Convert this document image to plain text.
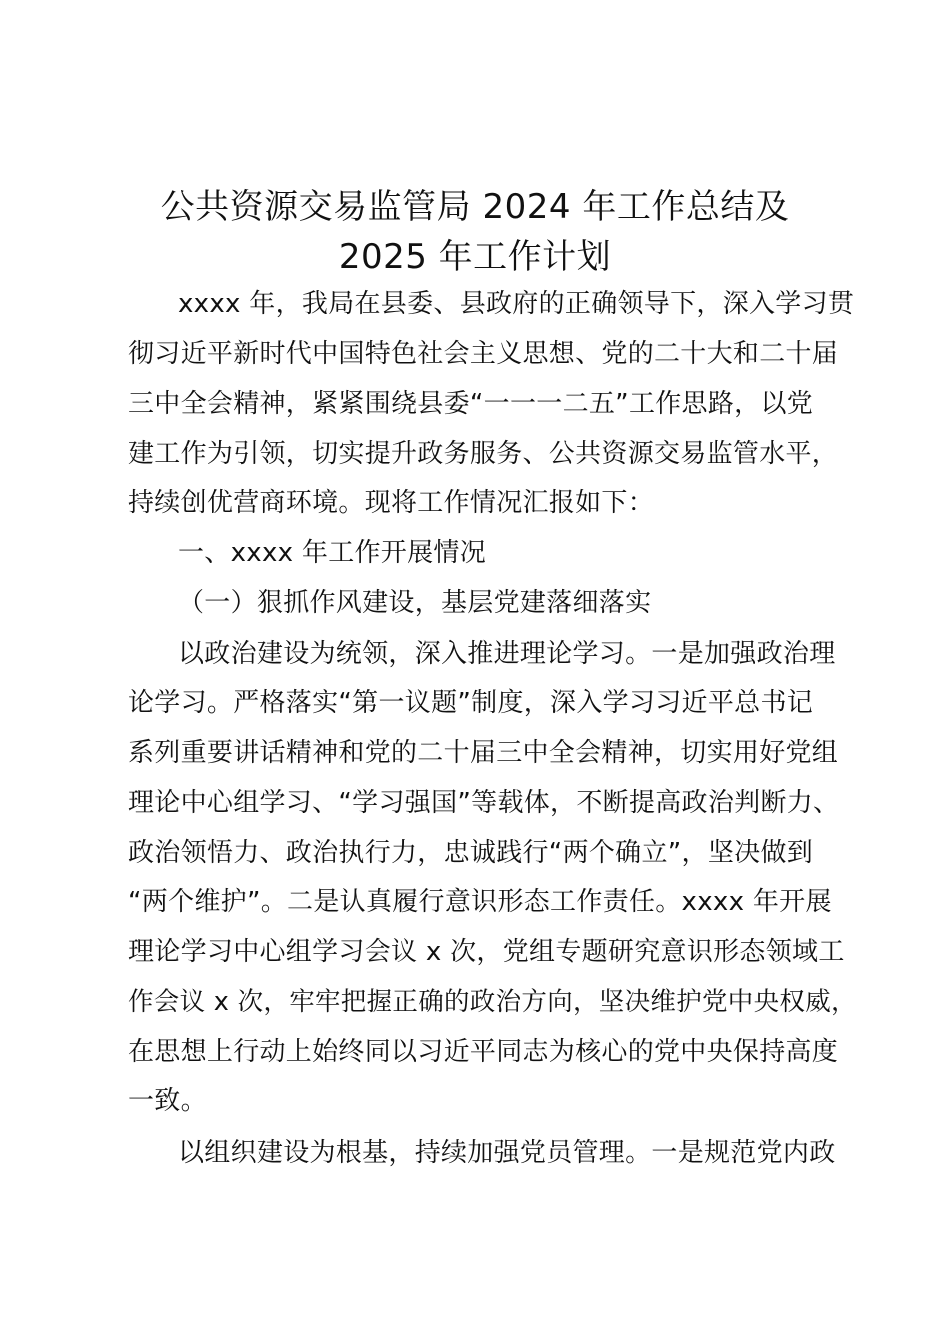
公共资源交易监管局 2024 年工作总结及
2025 年工作计划
xxxx 年，我局在县委、县政府的正确领导下，深入学习贯
彻习近平新时代中国特色社会主义思想、党的二十大和二十届
三中全会精神，紧紧围绕县委“一一一二五”工作思路，以党
建工作为引领，切实提升政务服务、公共资源交易监管水平，
持续创优营商环境。现将工作情况汇报如下：
一、xxxx 年工作开展情况
（一）狠抓作风建设，基层党建落细落实
以政治建设为统领，深入推进理论学习。一是加强政治理
论学习。严格落实“第一议题”制度，深入学习习近平总书记
系列重要讲话精神和党的二十届三中全会精神，切实用好党组
理论中心组学习、“学习强国”等载体，不断提高政治判断力、
政治领悟力、政治执行力，忠诚践行“两个确立”，坚决做到
“两个维护”。二是认真履行意识形态工作责任。xxxx 年开展
理论学习中心组学习会议 x 次，党组专题研究意识形态领域工
作会议 x 次，牢牢把握正确的政治方向，坚决维护党中央权威，
在思想上行动上始终同以习近平同志为核心的党中央保持高度
一致。
以组织建设为根基，持续加强党员管理。一是规范党内政
